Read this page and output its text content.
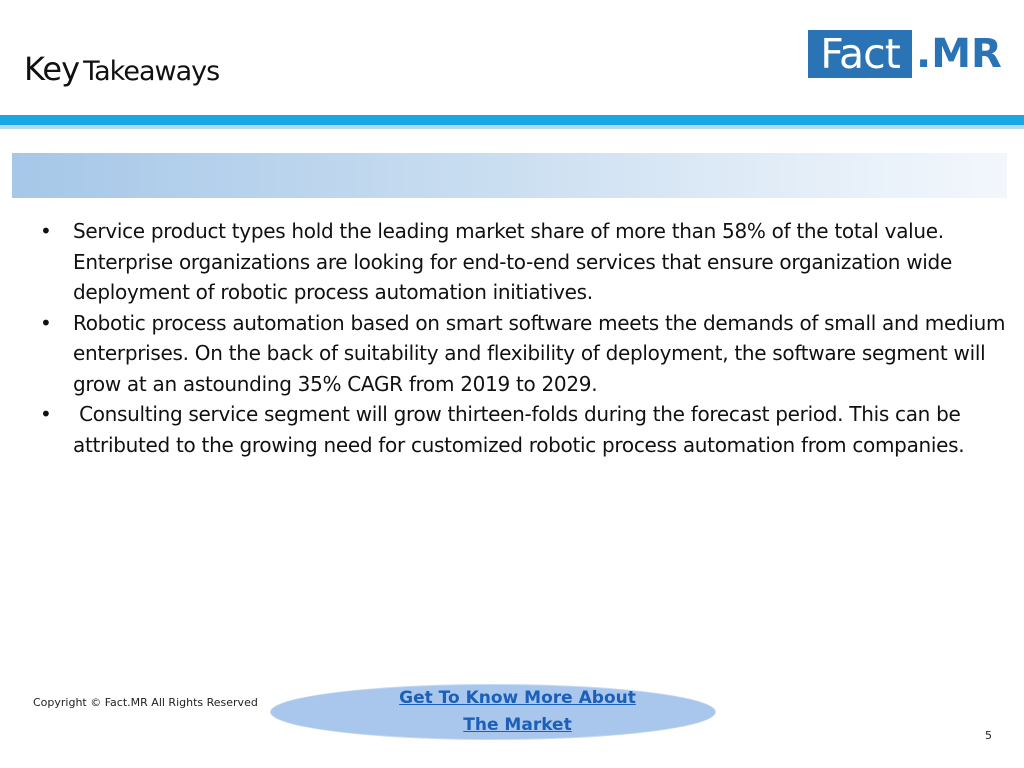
Key Takeaways	Fact .MR
• Service product types hold the leading market share of more than 58% of the total value. Enterprise organizations are looking for end-to-end services that ensure organization wide deployment of robotic process automation initiatives.
• Robotic process automation based on smart software meets the demands of small and medium enterprises. On the back of suitability and flexibility of deployment, the software segment will grow at an astounding 35% CAGR from 2019 to 2029.
• Consulting service segment will grow thirteen-folds during the forecast period. This can be attributed to the growing need for customized robotic process automation from companies.
Copyright © Fact.MR All Rights Reserved	Get To Know More About
The Market
5
